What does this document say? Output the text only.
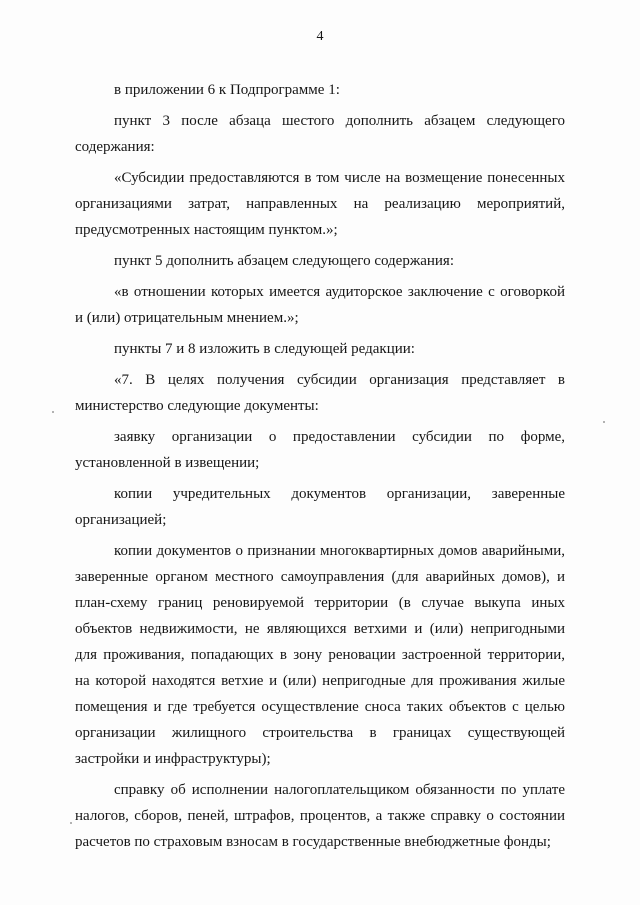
4

в приложении 6 к Подпрограмме 1:

пункт 3 после абзаца шестого дополнить абзацем следующего содержания:

«Субсидии предоставляются в том числе на возмещение понесенных организациями затрат, направленных на реализацию мероприятий, предусмотренных настоящим пунктом.»;

пункт 5 дополнить абзацем следующего содержания:

«в отношении которых имеется аудиторское заключение с оговоркой и (или) отрицательным мнением.»;

пункты 7 и 8 изложить в следующей редакции:

«7. В целях получения субсидии организация представляет в министерство следующие документы:

заявку организации о предоставлении субсидии по форме, установленной в извещении;

копии учредительных документов организации, заверенные организацией;

копии документов о признании многоквартирных домов аварийными, заверенные органом местного самоуправления (для аварийных домов), и план-схему границ реновируемой территории (в случае выкупа иных объектов недвижимости, не являющихся ветхими и (или) непригодными для проживания, попадающих в зону реновации застроенной территории, на которой находятся ветхие и (или) непригодные для проживания жилые помещения и где требуется осуществление сноса таких объектов с целью организации жилищного строительства в границах существующей застройки и инфраструктуры);

справку об исполнении налогоплательщиком обязанности по уплате налогов, сборов, пеней, штрафов, процентов, а также справку о состоянии расчетов по страховым взносам в государственные внебюджетные фонды;
